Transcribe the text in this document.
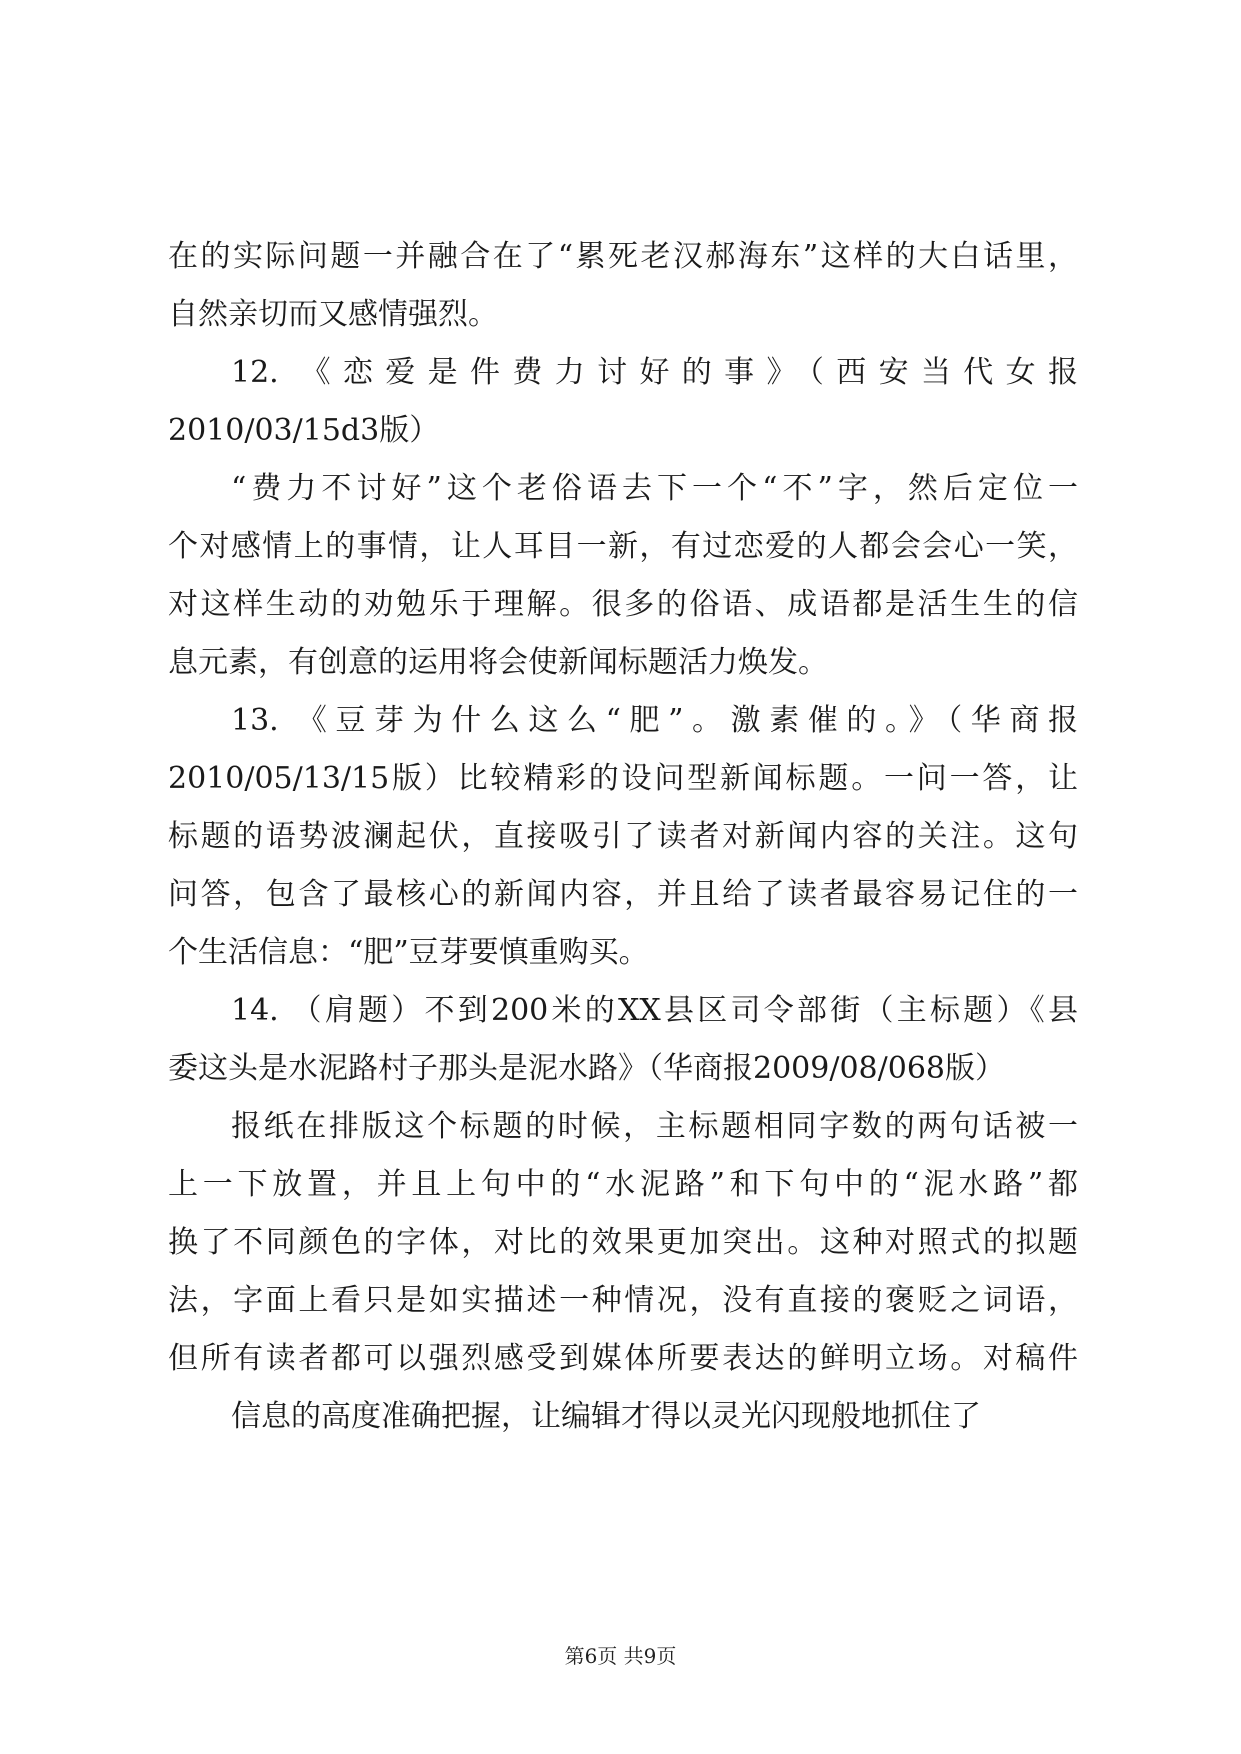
在的实际问题一并融合在了“累死老汉郝海东”这样的大白话里，
自然亲切而又感情强烈。
12. 《恋爱是件费力讨好的事》（西安当代女报
2010/03/15d3版）
“费力不讨好”这个老俗语去下一个“不”字，然后定位一
个对感情上的事情，让人耳目一新，有过恋爱的人都会会心一笑，
对这样生动的劝勉乐于理解。很多的俗语、成语都是活生生的信
息元素，有创意的运用将会使新闻标题活力焕发。
13. 《豆芽为什么这么“肥”。激素催的。》（华商报
2010/05/13/15版）比较精彩的设问型新闻标题。一问一答，让
标题的语势波澜起伏，直接吸引了读者对新闻内容的关注。这句
问答，包含了最核心的新闻内容，并且给了读者最容易记住的一
个生活信息：“肥”豆芽要慎重购买。
14. （肩题）不到200米的XX县区司令部街（主标题）《县
委这头是水泥路村子那头是泥水路》（华商报2009/08/068版）
报纸在排版这个标题的时候，主标题相同字数的两句话被一
上一下放置，并且上句中的“水泥路”和下句中的“泥水路”都
换了不同颜色的字体，对比的效果更加突出。这种对照式的拟题
法，字面上看只是如实描述一种情况，没有直接的褒贬之词语，
但所有读者都可以强烈感受到媒体所要表达的鲜明立场。对稿件
信息的高度准确把握，让编辑才得以灵光闪现般地抓住了
第6页 共9页
